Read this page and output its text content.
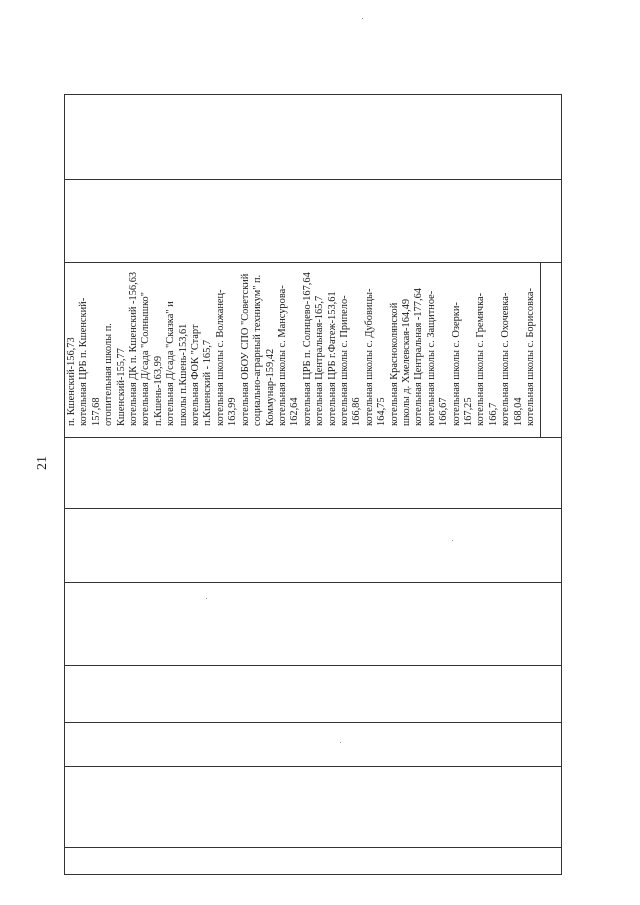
21
п. Кшенский-156,73 котельная ЦРБ п. Кшенский- 157,68 отопительная школы п. Кшенский-155,77 котельная ДК п. Кшенский -156,63 котельная Д/сада "Солнышко" п.Кшень-163,99 котельная Д/сада "Сказка" и школы п.Кшень-153,61 котельная ФОК "Старт п.Кшенский - 165,7 котельная школы с. Волжанец- 163,99 котельная ОБОУ СПО "Советский социально-аграрный техникум" п. Коммунар-159,42 котельная школы с. Мансурова- 162,64 котельная ЦРБ п. Солнцево-167,64 котельная Центральная-165,7 котельная ЦРБ г.Фатеж-153,61 котельная школы с. Припело- 166,86 котельная школы с. Дубовицы- 164,75 котельная Красноколянской школы д. Хмелевская-164,49 котельная Центральная -177,64 котельная школы с. Защитное- 166,67 котельная школы с. Озерки- 167,25 котельная школы с. Гремячка- 166,7 котельная школы с. Охочевка- 168,04 котельная школы с. Борисовка-
